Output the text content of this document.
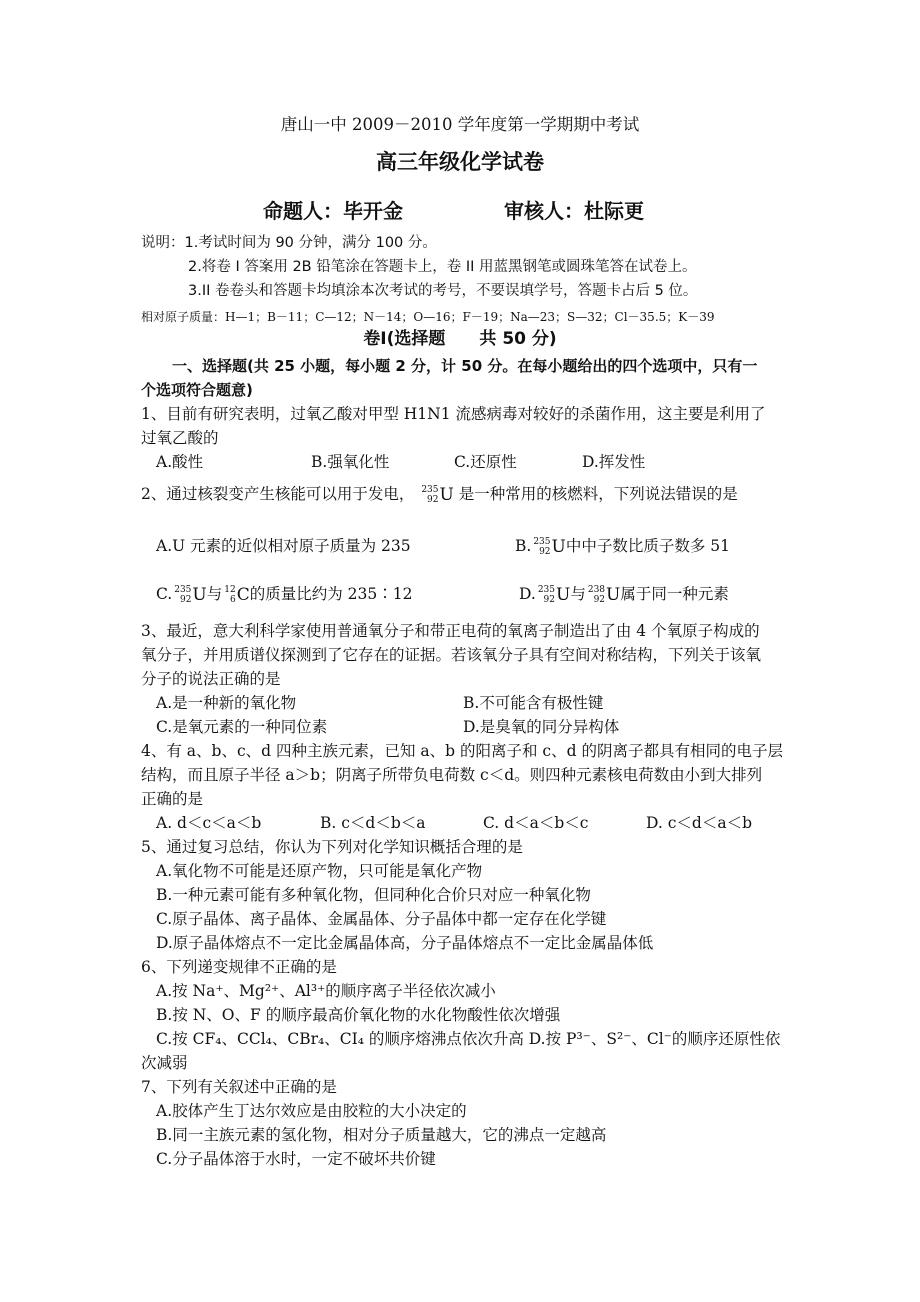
唐山一中 2009－2010 学年度第一学期期中考试
高三年级化学试卷
命题人：毕开金	审核人：杜际更
说明：1.考试时间为 90 分钟，满分 100 分。
2.将卷 I 答案用 2B 铅笔涂在答题卡上，卷 II 用蓝黑钢笔或圆珠笔答在试卷上。
3.II 卷卷头和答题卡均填涂本次考试的考号，不要误填学号，答题卡占后 5 位。
相对原子质量：H—1；B－11；C—12；N－14；O—16；F－19；Na—23；S—32；Cl－35.5；K－39
卷Ⅰ(选择题　　共 50 分)
一、选择题(共 25 小题，每小题 2 分，计 50 分。在每小题给出的四个选项中，只有一
个选项符合题意)
1、目前有研究表明，过氧乙酸对甲型 H1N1 流感病毒对较好的杀菌作用，这主要是利用了
过氧乙酸的
A.酸性	B.强氧化性	C.还原性	D.挥发性
2、通过核裂变产生核能可以用于发电， 235
92 U 是一种常用的核燃料，下列说法错误的是
A.U 元素的近似相对原子质量为 235	B. 235
92 U中中子数比质子数多 51
C. 235
92 U与 12
6 C的质量比约为 235∶12	D. 235
92 U与 238
92 U属于同一种元素
3、最近，意大利科学家使用普通氧分子和带正电荷的氧离子制造出了由 4 个氧原子构成的
氧分子，并用质谱仪探测到了它存在的证据。若该氧分子具有空间对称结构，下列关于该氧
分子的说法正确的是
A.是一种新的氧化物	B.不可能含有极性键
C.是氧元素的一种同位素	D.是臭氧的同分异构体
4、有 a、b、c、d 四种主族元素，已知 a、b 的阳离子和 c、d 的阴离子都具有相同的电子层
结构，而且原子半径 a＞b；阴离子所带负电荷数 c＜d。则四种元素核电荷数由小到大排列
正确的是
A. d＜c＜a＜b	B. c＜d＜b＜a	C. d＜a＜b＜c	D. c＜d＜a＜b
5、通过复习总结，你认为下列对化学知识概括合理的是
A.氧化物不可能是还原产物，只可能是氧化产物
B.一种元素可能有多种氧化物，但同种化合价只对应一种氧化物
C.原子晶体、离子晶体、金属晶体、分子晶体中都一定存在化学键
D.原子晶体熔点不一定比金属晶体高，分子晶体熔点不一定比金属晶体低
6、下列递变规律不正确的是
A.按 Na⁺、Mg²⁺、Al³⁺的顺序离子半径依次减小
B.按 N、O、F 的顺序最高价氧化物的水化物酸性依次增强
C.按 CF₄、CCl₄、CBr₄、CI₄ 的顺序熔沸点依次升高 D.按 P³⁻、S²⁻、Cl⁻的顺序还原性依
次减弱
7、下列有关叙述中正确的是
A.胶体产生丁达尔效应是由胶粒的大小决定的
B.同一主族元素的氢化物，相对分子质量越大，它的沸点一定越高
C.分子晶体溶于水时，一定不破坏共价键
